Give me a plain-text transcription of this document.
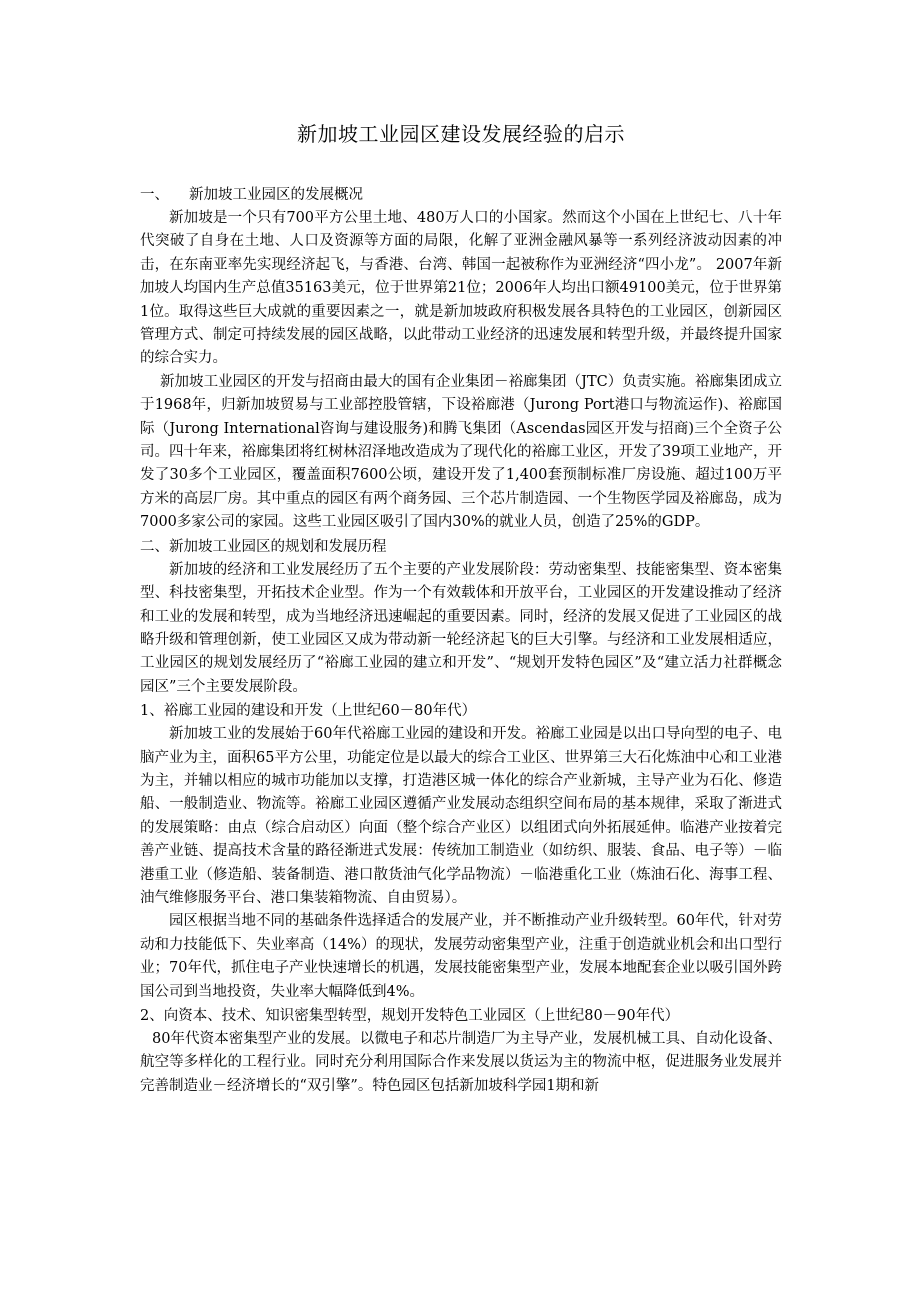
新加坡工业园区建设发展经验的启示
一、 新加坡工业园区的发展概况

新加坡是一个只有700平方公里土地、480万人口的小国家。然而这个小国在上世纪七、八十年代突破了自身在土地、人口及资源等方面的局限，化解了亚洲金融风暴等一系列经济波动因素的冲击，在东南亚率先实现经济起飞，与香港、台湾、韩国一起被称作为亚洲经济“四小龙”。 2007年新加坡人均国内生产总值35163美元，位于世界第21位；2006年人均出口额49100美元，位于世界第1位。取得这些巨大成就的重要因素之一，就是新加坡政府积极发展各具特色的工业园区，创新园区管理方式、制定可持续发展的园区战略，以此带动工业经济的迅速发展和转型升级，并最终提升国家的综合实力。

新加坡工业园区的开发与招商由最大的国有企业集团－裕廊集团（JTC）负责实施。裕廊集团成立于1968年，归新加坡贸易与工业部控股管辖，下设裕廊港（Jurong Port港口与物流运作)、裕廊国际（Jurong International咨询与建设服务)和腾飞集团（Ascendas园区开发与招商)三个全资子公司。四十年来，裕廊集团将红树林沼泽地改造成为了现代化的裕廊工业区，开发了39项工业地产，开发了30多个工业园区，覆盖面积7600公顷，建设开发了1,400套预制标准厂房设施、超过100万平方米的高层厂房。其中重点的园区有两个商务园、三个芯片制造园、一个生物医学园及裕廊岛，成为7000多家公司的家园。这些工业园区吸引了国内30%的就业人员，创造了25%的GDP。

二、新加坡工业园区的规划和发展历程

新加坡的经济和工业发展经历了五个主要的产业发展阶段：劳动密集型、技能密集型、资本密集型、科技密集型，开拓技术企业型。作为一个有效载体和开放平台，工业园区的开发建设推动了经济和工业的发展和转型，成为当地经济迅速崛起的重要因素。同时，经济的发展又促进了工业园区的战略升级和管理创新，使工业园区又成为带动新一轮经济起飞的巨大引擎。与经济和工业发展相适应，工业园区的规划发展经历了“裕廊工业园的建立和开发”、“规划开发特色园区”及“建立活力社群概念园区”三个主要发展阶段。

1、裕廊工业园的建设和开发（上世纪60－80年代）

新加坡工业的发展始于60年代裕廊工业园的建设和开发。裕廊工业园是以出口导向型的电子、电脑产业为主，面积65平方公里，功能定位是以最大的综合工业区、世界第三大石化炼油中心和工业港为主，并辅以相应的城市功能加以支撑，打造港区城一体化的综合产业新城，主导产业为石化、修造船、一般制造业、物流等。裕廊工业园区遵循产业发展动态组织空间布局的基本规律，采取了渐进式的发展策略：由点（综合启动区）向面（整个综合产业区）以组团式向外拓展延伸。临港产业按着完善产业链、提高技术含量的路径渐进式发展：传统加工制造业（如纺织、服装、食品、电子等）－临港重工业（修造船、装备制造、港口散货油气化学品物流）－临港重化工业（炼油石化、海事工程、油气维修服务平台、港口集装箱物流、自由贸易）。

园区根据当地不同的基础条件选择适合的发展产业，并不断推动产业升级转型。60年代，针对劳动和力技能低下、失业率高（14%）的现状，发展劳动密集型产业，注重于创造就业机会和出口型行业；70年代，抓住电子产业快速增长的机遇，发展技能密集型产业，发展本地配套企业以吸引国外跨国公司到当地投资，失业率大幅降低到4%。

2、向资本、技术、知识密集型转型，规划开发特色工业园区（上世纪80－90年代）

80年代资本密集型产业的发展。以微电子和芯片制造厂为主导产业，发展机械工具、自动化设备、航空等多样化的工程行业。同时充分利用国际合作来发展以货运为主的物流中枢，促进服务业发展并完善制造业－经济增长的“双引擎”。特色园区包括新加坡科学园1期和新
